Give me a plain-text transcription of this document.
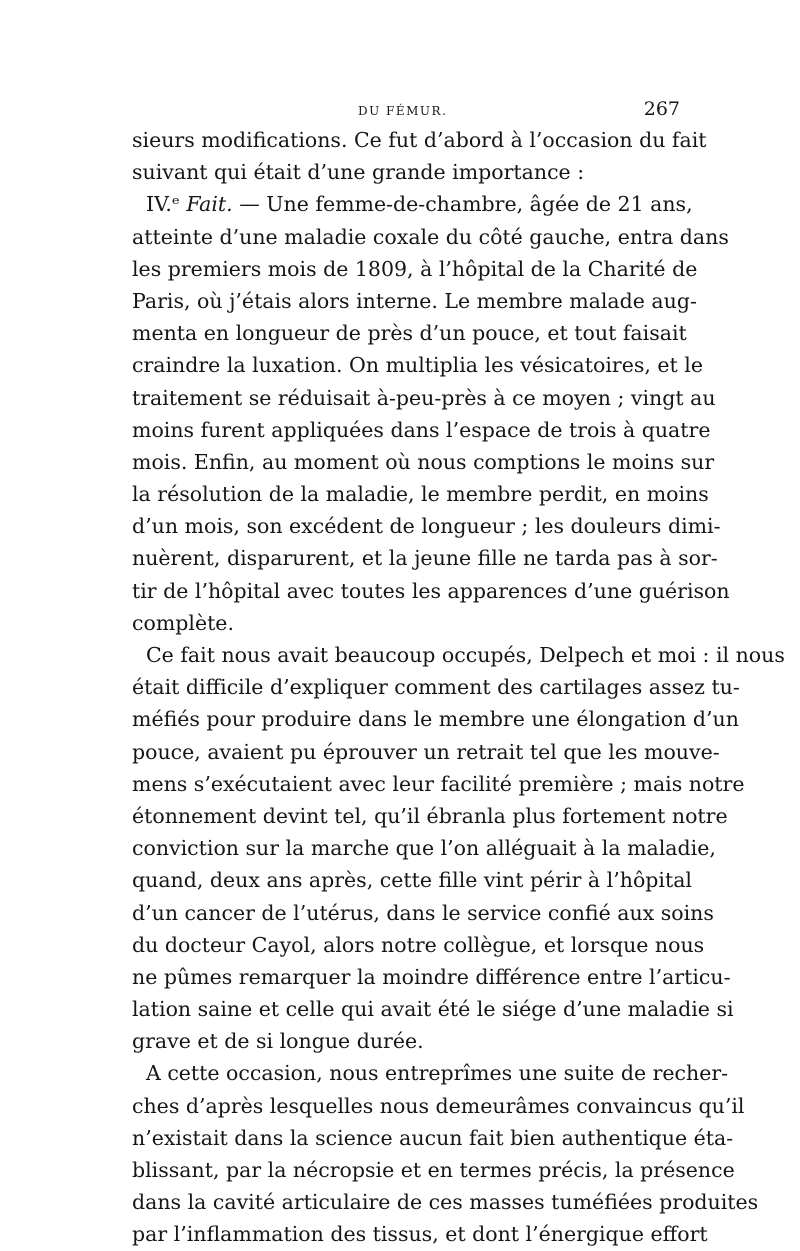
DU FÉMUR.	267
sieurs modifications. Ce fut d’abord à l’occasion du fait
suivant qui était d’une grande importance :
IV.ᵉ Fait. — Une femme-de-chambre, âgée de 21 ans,
atteinte d’une maladie coxale du côté gauche, entra dans
les premiers mois de 1809, à l’hôpital de la Charité de
Paris, où j’étais alors interne. Le membre malade aug-
menta en longueur de près d’un pouce, et tout faisait
craindre la luxation. On multiplia les vésicatoires, et le
traitement se réduisait à-peu-près à ce moyen ; vingt au
moins furent appliquées dans l’espace de trois à quatre
mois. Enfin, au moment où nous comptions le moins sur
la résolution de la maladie, le membre perdit, en moins
d’un mois, son excédent de longueur ; les douleurs dimi-
nuèrent, disparurent, et la jeune fille ne tarda pas à sor-
tir de l’hôpital avec toutes les apparences d’une guérison
complète.
Ce fait nous avait beaucoup occupés, Delpech et moi : il nous
était difficile d’expliquer comment des cartilages assez tu-
méfiés pour produire dans le membre une élongation d’un
pouce, avaient pu éprouver un retrait tel que les mouve-
mens s’exécutaient avec leur facilité première ; mais notre
étonnement devint tel, qu’il ébranla plus fortement notre
conviction sur la marche que l’on alléguait à la maladie,
quand, deux ans après, cette fille vint périr à l’hôpital
d’un cancer de l’utérus, dans le service confié aux soins
du docteur Cayol, alors notre collègue, et lorsque nous
ne pûmes remarquer la moindre différence entre l’articu-
lation saine et celle qui avait été le siége d’une maladie si
grave et de si longue durée.
A cette occasion, nous entreprîmes une suite de recher-
ches d’après lesquelles nous demeurâmes convaincus qu’il
n’existait dans la science aucun fait bien authentique éta-
blissant, par la nécropsie et en termes précis, la présence
dans la cavité articulaire de ces masses tuméfiées produites
par l’inflammation des tissus, et dont l’énergique effort
